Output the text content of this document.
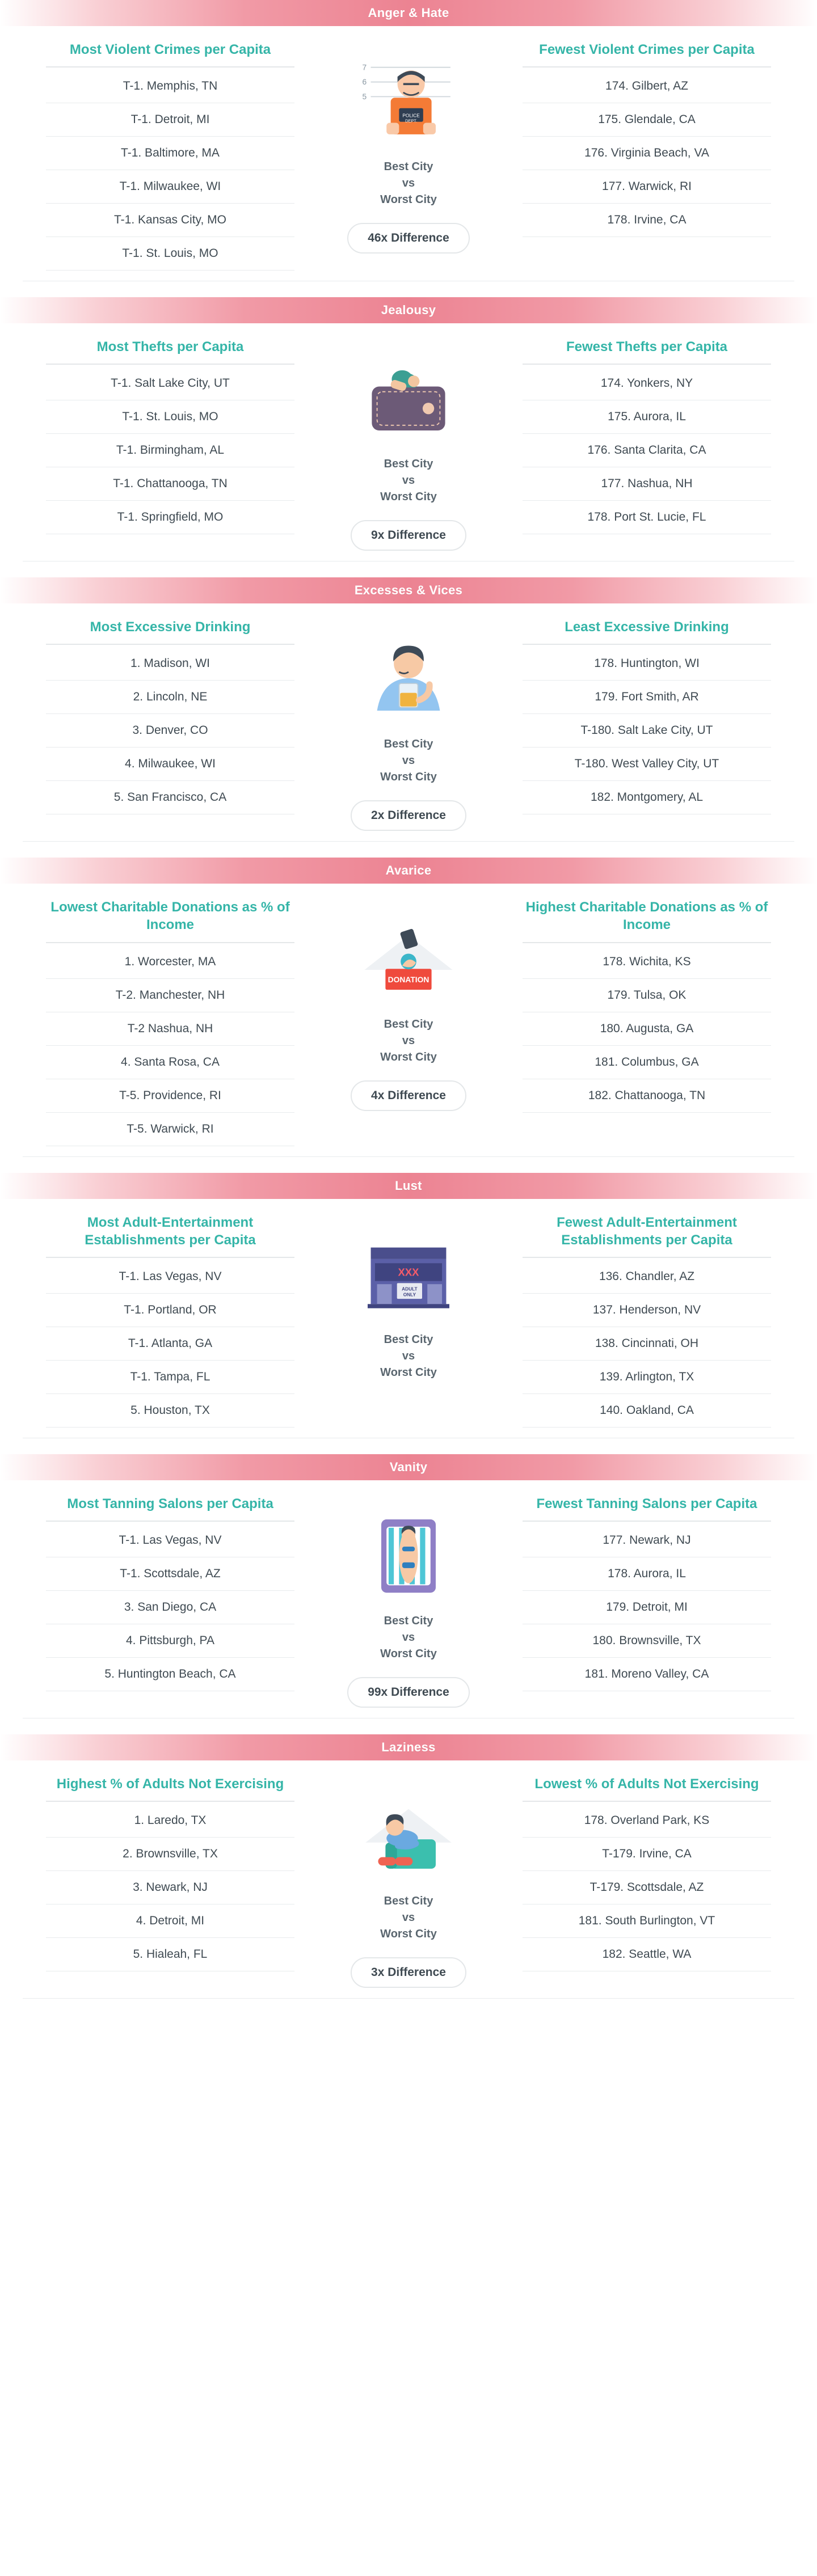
Anger & Hate
Most Violent Crimes per Capita
T-1. Memphis, TN
T-1. Detroit, MI
T-1. Baltimore, MA
T-1. Milwaukee, WI
T-1. Kansas City, MO
T-1. St. Louis, MO
7
6
5
POLICE
DEPT.
Best City
vs
Worst City
46x Difference
Fewest Violent Crimes per Capita
174. Gilbert, AZ
175. Glendale, CA
176. Virginia Beach, VA
177. Warwick, RI
178. Irvine, CA
Jealousy
Most Thefts per Capita
T-1. Salt Lake City, UT
T-1. St. Louis, MO
T-1. Birmingham, AL
T-1. Chattanooga, TN
T-1. Springfield, MO
Best City
vs
Worst City
9x Difference
Fewest Thefts per Capita
174. Yonkers, NY
175. Aurora, IL
176. Santa Clarita, CA
177. Nashua, NH
178. Port St. Lucie, FL
Excesses & Vices
Most Excessive Drinking
1. Madison, WI
2. Lincoln, NE
3. Denver, CO
4. Milwaukee, WI
5. San Francisco, CA
Best City
vs
Worst City
2x Difference
Least Excessive Drinking
178. Huntington, WI
179. Fort Smith, AR
T-180. Salt Lake City, UT
T-180. West Valley City, UT
182. Montgomery, AL
Avarice
Lowest Charitable Donations as % of Income
1. Worcester, MA
T-2. Manchester, NH
T-2 Nashua, NH
4. Santa Rosa, CA
T-5. Providence, RI
T-5. Warwick, RI
DONATION
Best City
vs
Worst City
4x Difference
Highest Charitable Donations as % of Income
178. Wichita, KS
179. Tulsa, OK
180. Augusta, GA
181. Columbus, GA
182. Chattanooga, TN
Lust
Most Adult-Entertainment Establishments per Capita
T-1. Las Vegas, NV
T-1. Portland, OR
T-1. Atlanta, GA
T-1. Tampa, FL
5. Houston, TX
XXX
ADULT
ONLY
Best City
vs
Worst City
Fewest Adult-Entertainment Establishments per Capita
136. Chandler, AZ
137. Henderson, NV
138. Cincinnati, OH
139. Arlington, TX
140. Oakland, CA
Vanity
Most Tanning Salons per Capita
T-1. Las Vegas, NV
T-1. Scottsdale, AZ
3. San Diego, CA
4. Pittsburgh, PA
5. Huntington Beach, CA
Best City
vs
Worst City
99x Difference
Fewest Tanning Salons per Capita
177. Newark, NJ
178. Aurora, IL
179. Detroit, MI
180. Brownsville, TX
181. Moreno Valley, CA
Laziness
Highest % of Adults Not Exercising
1. Laredo, TX
2. Brownsville, TX
3. Newark, NJ
4. Detroit, MI
5. Hialeah, FL
Best City
vs
Worst City
3x Difference
Lowest % of Adults Not Exercising
178. Overland Park, KS
T-179. Irvine, CA
T-179. Scottsdale, AZ
181. South Burlington, VT
182. Seattle, WA
